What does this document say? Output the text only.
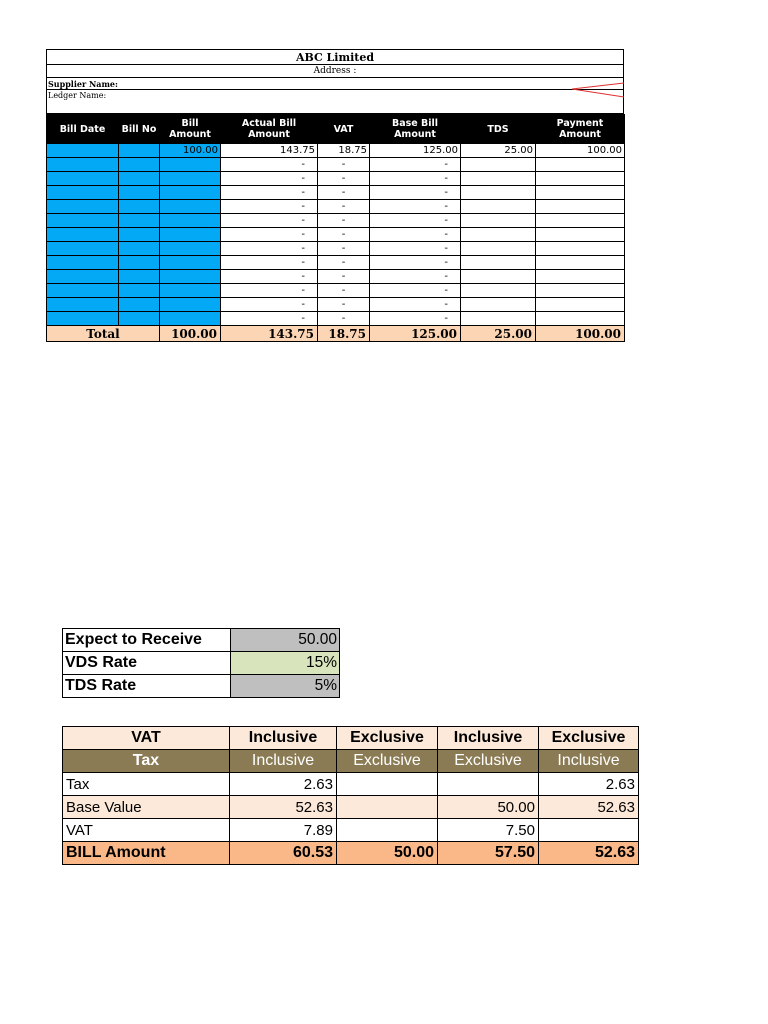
ABC Limited
Address :
Supplier Name:
Ledger Name:
Bill Date	Bill No	Bill Amount	Actual Bill Amount	VAT	Base Bill Amount	TDS	Payment Amount
		100.00	143.75	18.75	125.00	25.00	100.00
			-	-	-		
			-	-	-		
			-	-	-		
			-	-	-		
			-	-	-		
			-	-	-		
			-	-	-		
			-	-	-		
			-	-	-		
			-	-	-		
			-	-	-		
			-	-	-		
Total		100.00	143.75	18.75	125.00	25.00	100.00
Expect to Receive	50.00
VDS Rate	15%
TDS Rate	5%
VAT	Inclusive	Exclusive	Inclusive	Exclusive
Tax	Inclusive	Exclusive	Exclusive	Inclusive
Tax	2.63			2.63
Base Value	52.63		50.00	52.63
VAT	7.89		7.50	
BILL Amount	60.53	50.00	57.50	52.63
